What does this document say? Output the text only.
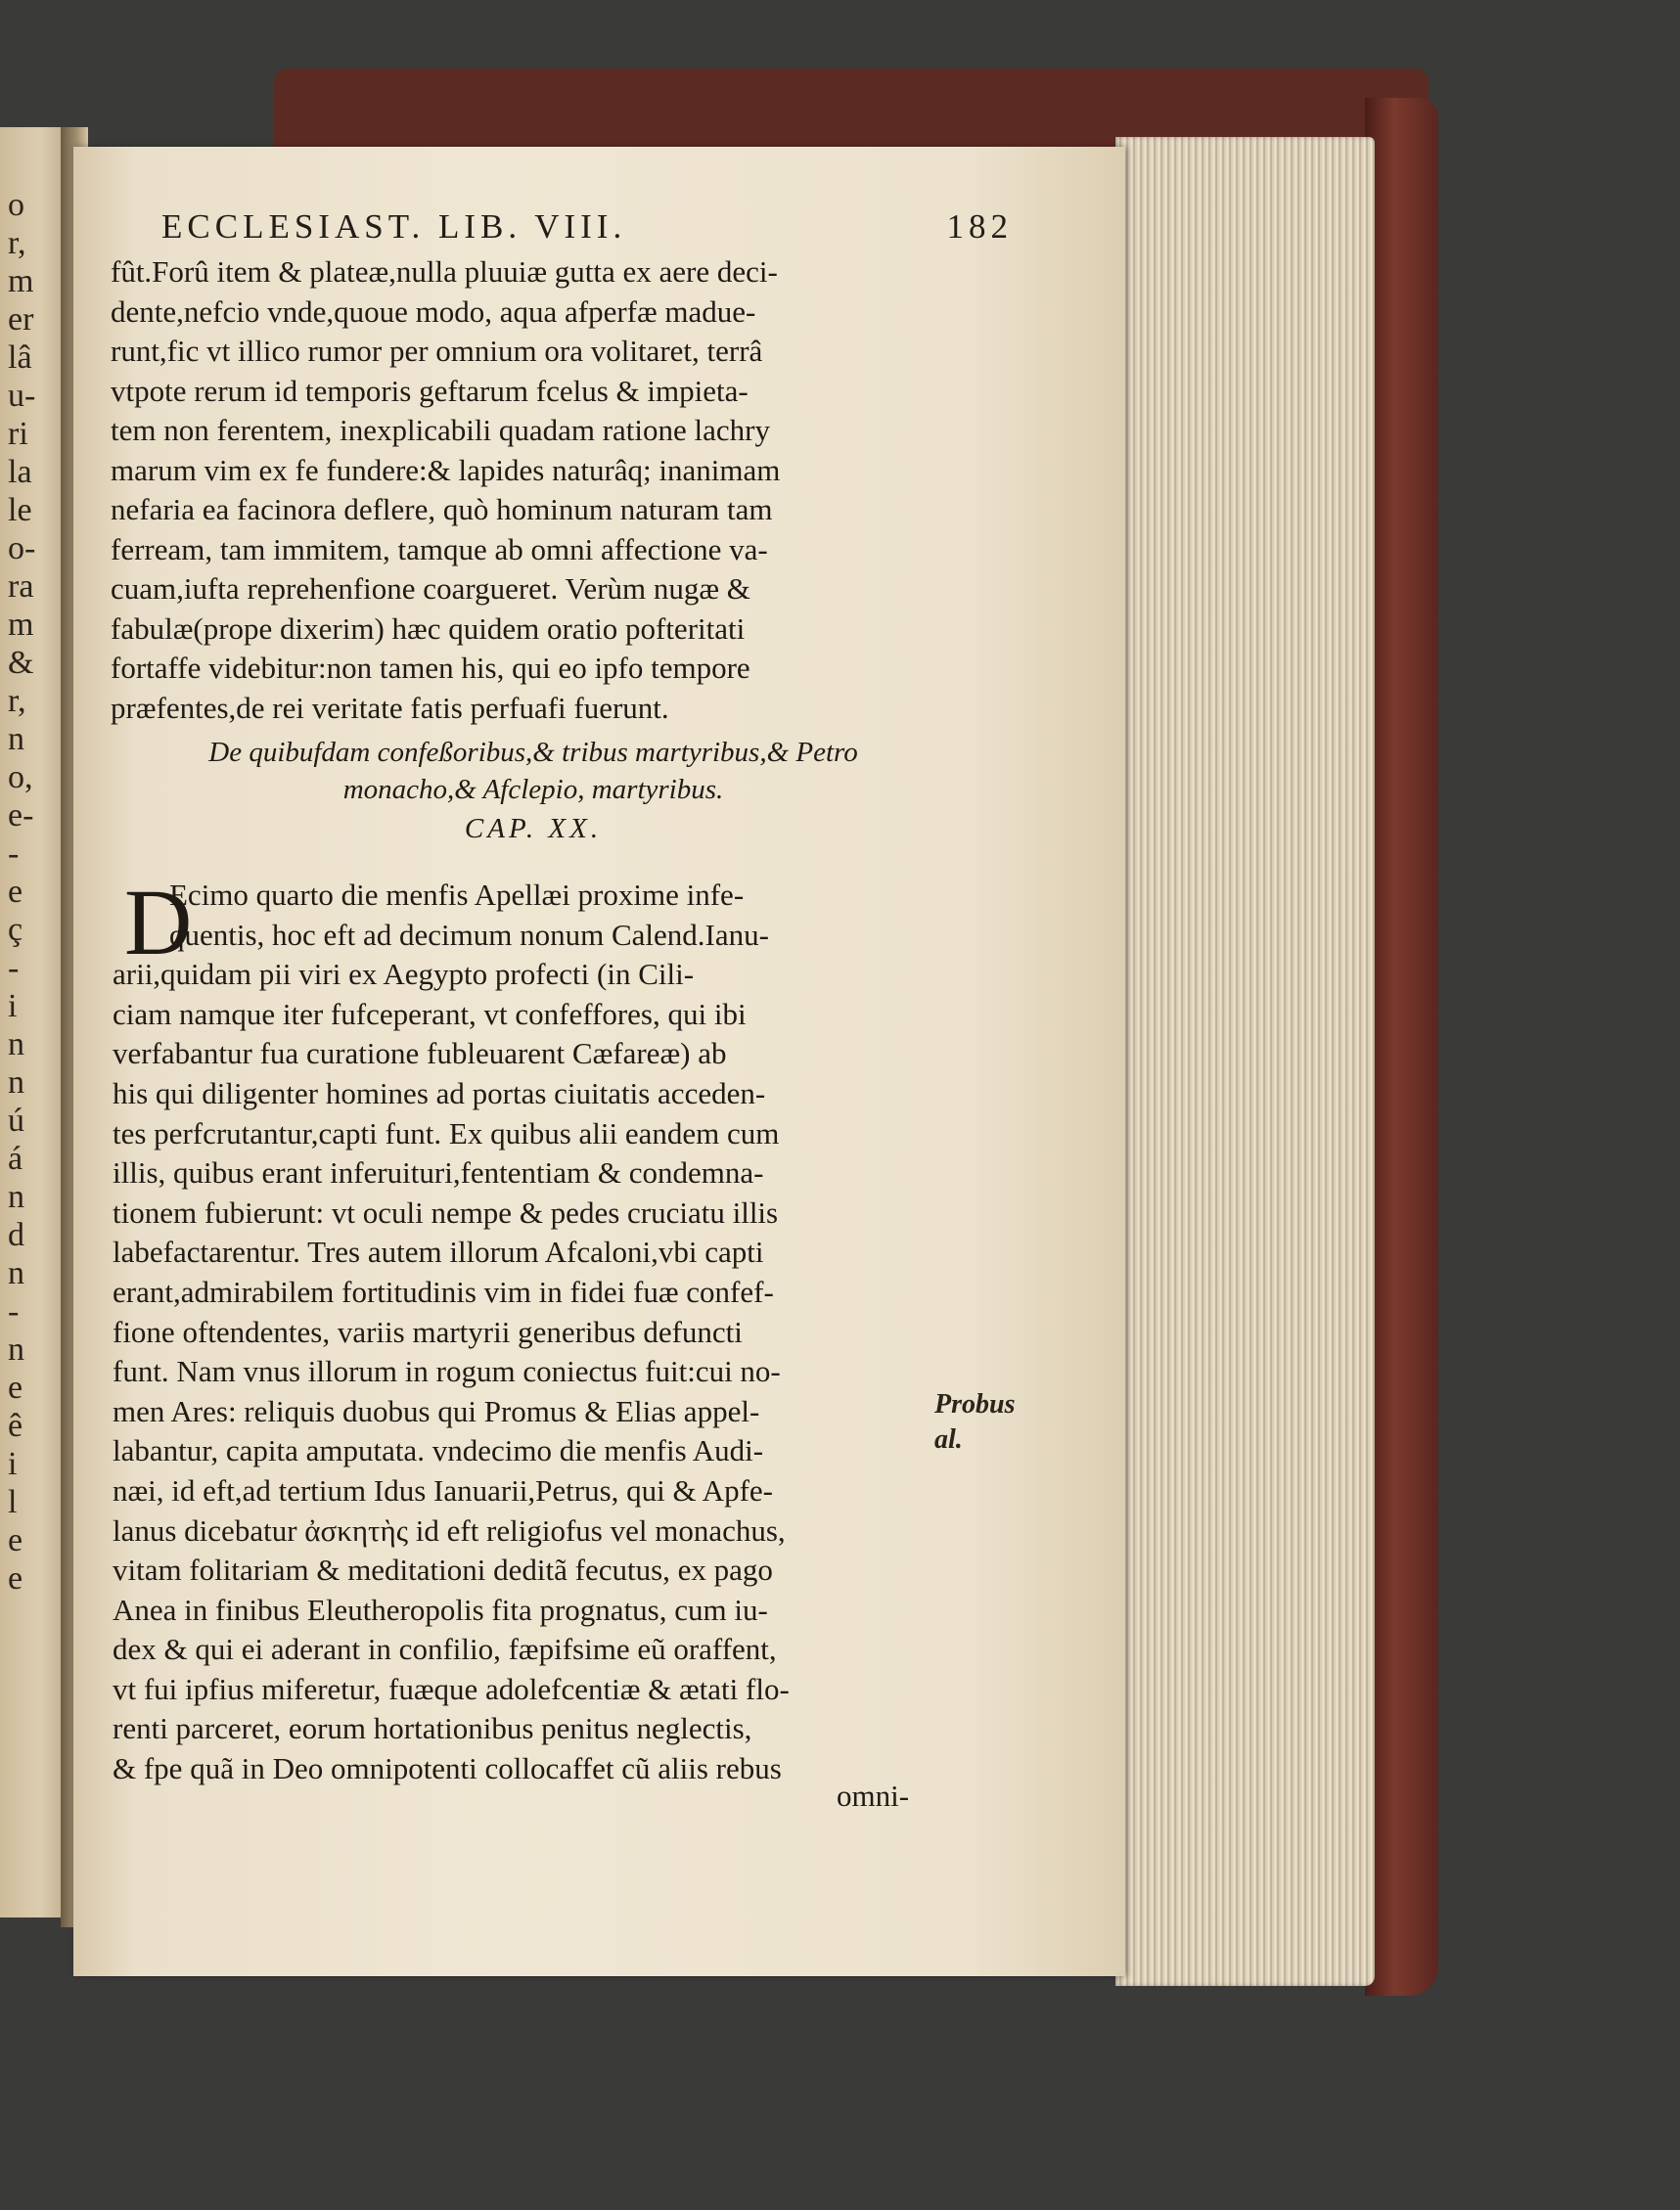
o
r,
m
er
lâ
u-
ri
la
le
o-
ra
m
&
r,
n
o,
e-
-
e
ç
-
i
n
n
ú
á
n
d
n
-
n
e
ê
i
l
e
e
ECCLESIAST. LIB. VIII.	182
fût.Forû item & plateæ,nulla pluuiæ gutta ex aere deci-
dente,nefcio vnde,quoue modo, aqua afperfæ madue-
runt,fic vt illico rumor per omnium ora volitaret, terrâ
vtpote rerum id temporis geftarum fcelus & impieta-
tem non ferentem, inexplicabili quadam ratione lachry
marum vim ex fe fundere:& lapides naturâq; inanimam
nefaria ea facinora deflere, quò hominum naturam tam
ferream, tam immitem, tamque ab omni affectione va-
cuam,iufta reprehenfione coargueret. Verùm nugæ &
fabulæ(prope dixerim) hæc quidem oratio pofteritati
fortaffe videbitur:non tamen his, qui eo ipfo tempore
præfentes,de rei veritate fatis perfuafi fuerunt.
De quibufdam confeßoribus,& tribus martyribus,& Petro
monacho,& Afclepio, martyribus.
CAP. XX.
D
Ecimo quarto die menfis Apellæi proxime infe-
quentis, hoc eft ad decimum nonum Calend.Ianu-
arii,quidam pii viri ex Aegypto profecti (in Cili-
ciam namque iter fufceperant, vt confeffores, qui ibi
verfabantur fua curatione fubleuarent Cæfareæ) ab
his qui diligenter homines ad portas ciuitatis acceden-
tes perfcrutantur,capti funt. Ex quibus alii eandem cum
illis, quibus erant inferuituri,fententiam & condemna-
tionem fubierunt: vt oculi nempe & pedes cruciatu illis
labefactarentur. Tres autem illorum Afcaloni,vbi capti
erant,admirabilem fortitudinis vim in fidei fuæ confef-
fione oftendentes, variis martyrii generibus defuncti
funt. Nam vnus illorum in rogum coniectus fuit:cui no-
men Ares: reliquis duobus qui Promus & Elias appel-
labantur, capita amputata. vndecimo die menfis Audi-
næi, id eft,ad tertium Idus Ianuarii,Petrus, qui & Apfe-
lanus dicebatur ἀσκητὴς id eft religiofus vel monachus,
vitam folitariam & meditationi deditã fecutus, ex pago
Anea in finibus Eleutheropolis fita prognatus, cum iu-
dex & qui ei aderant in confilio, fæpifsime eũ oraffent,
vt fui ipfius miferetur, fuæque adolefcentiæ & ætati flo-
renti parceret, eorum hortationibus penitus neglectis,
& fpe quã in Deo omnipotenti collocaffet cũ aliis rebus
Probus
al.
omni-
